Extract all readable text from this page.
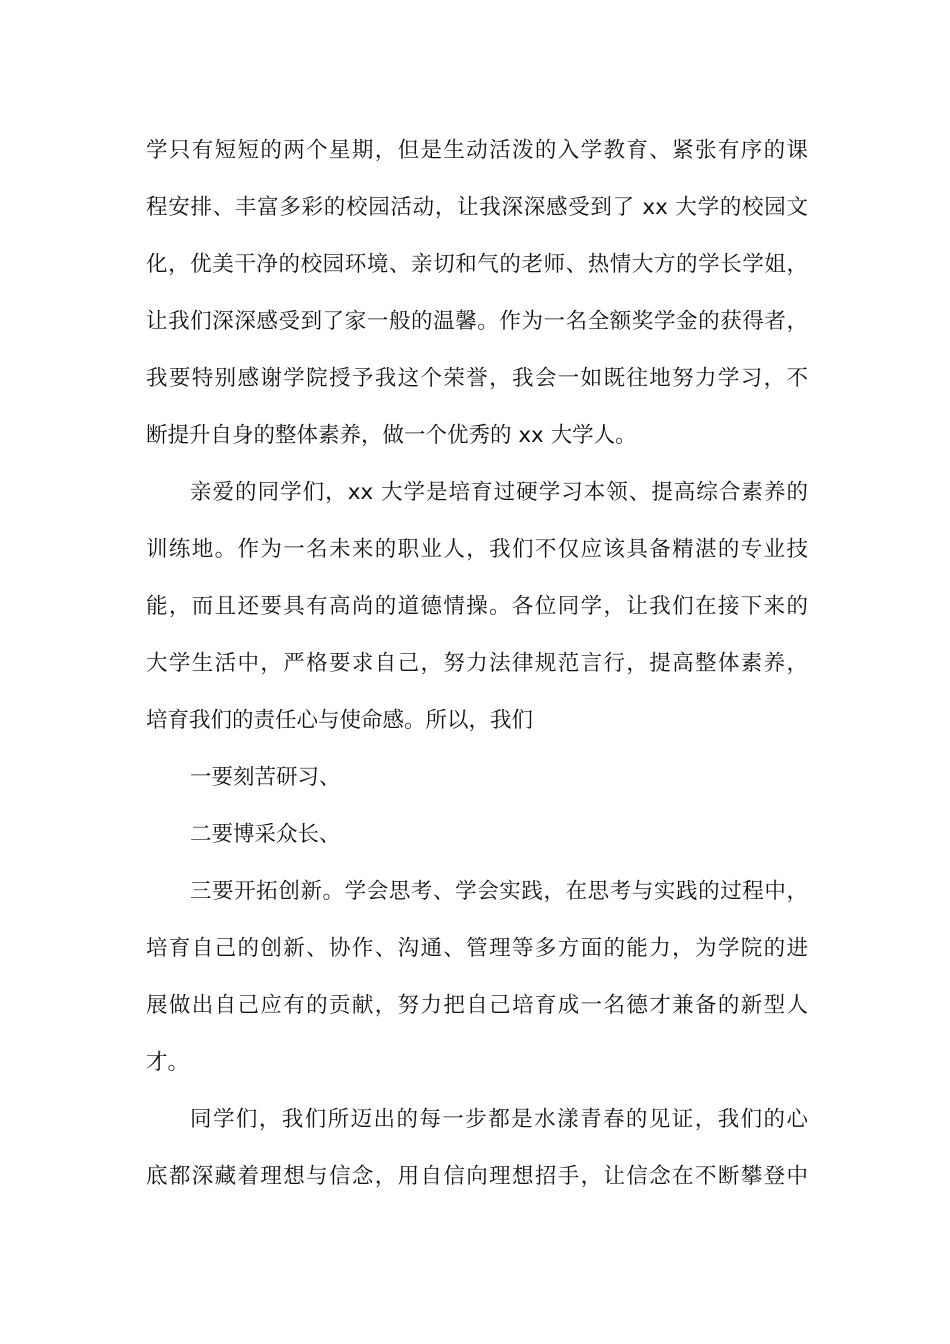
学只有短短的两个星期，但是生动活泼的入学教育、紧张有序的课
程安排、丰富多彩的校园活动，让我深深感受到了 xx 大学的校园文
化，优美干净的校园环境、亲切和气的老师、热情大方的学长学姐，
让我们深深感受到了家一般的温馨。作为一名全额奖学金的获得者，
我要特别感谢学院授予我这个荣誉，我会一如既往地努力学习，不
断提升自身的整体素养，做一个优秀的 xx 大学人。
亲爱的同学们，xx 大学是培育过硬学习本领、提高综合素养的
训练地。作为一名未来的职业人，我们不仅应该具备精湛的专业技
能，而且还要具有高尚的道德情操。各位同学，让我们在接下来的
大学生活中，严格要求自己，努力法律规范言行，提高整体素养，
培育我们的责任心与使命感。所以，我们
一要刻苦研习、
二要博采众长、
三要开拓创新。学会思考、学会实践，在思考与实践的过程中，
培育自己的创新、协作、沟通、管理等多方面的能力，为学院的进
展做出自己应有的贡献，努力把自己培育成一名德才兼备的新型人
才。
同学们，我们所迈出的每一步都是水漾青春的见证，我们的心
底都深藏着理想与信念，用自信向理想招手，让信念在不断攀登中
